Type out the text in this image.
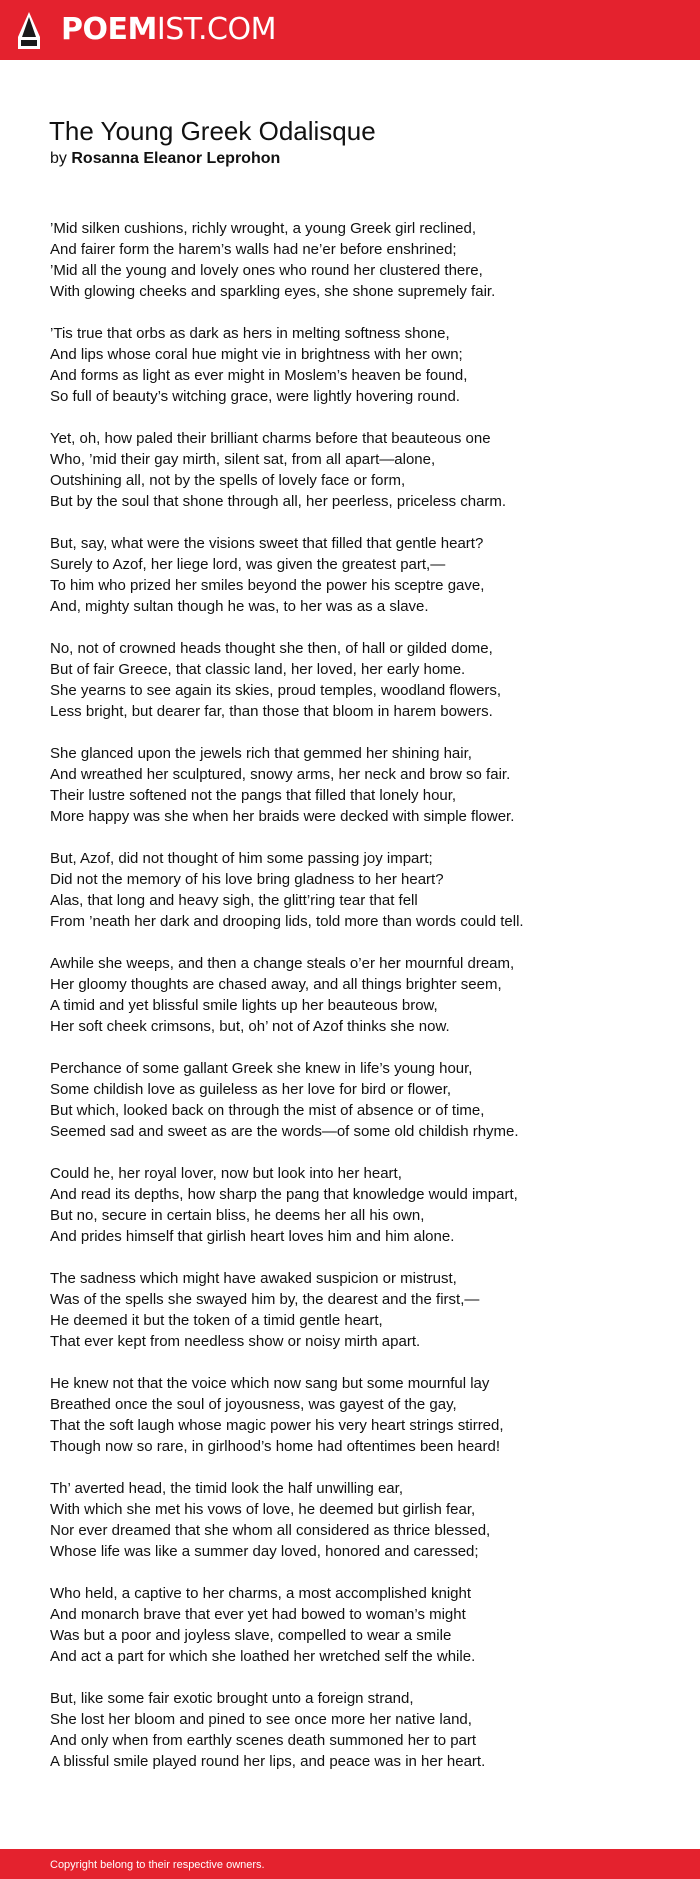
POEMIST.COM
The Young Greek Odalisque
by Rosanna Eleanor Leprohon
’Mid silken cushions, richly wrought, a young Greek girl reclined,
And fairer form the harem’s walls had ne’er before enshrined;
’Mid all the young and lovely ones who round her clustered there,
With glowing cheeks and sparkling eyes, she shone supremely fair.
’Tis true that orbs as dark as hers in melting softness shone,
And lips whose coral hue might vie in brightness with her own;
And forms as light as ever might in Moslem’s heaven be found,
So full of beauty’s witching grace, were lightly hovering round.
Yet, oh, how paled their brilliant charms before that beauteous one
Who, ’mid their gay mirth, silent sat, from all apart—alone,
Outshining all, not by the spells of lovely face or form,
But by the soul that shone through all, her peerless, priceless charm.
But, say, what were the visions sweet that filled that gentle heart?
Surely to Azof, her liege lord, was given the greatest part,—
To him who prized her smiles beyond the power his sceptre gave,
And, mighty sultan though he was, to her was as a slave.
No, not of crowned heads thought she then, of hall or gilded dome,
But of fair Greece, that classic land, her loved, her early home.
She yearns to see again its skies, proud temples, woodland flowers,
Less bright, but dearer far, than those that bloom in harem bowers.
She glanced upon the jewels rich that gemmed her shining hair,
And wreathed her sculptured, snowy arms, her neck and brow so fair.
Their lustre softened not the pangs that filled that lonely hour,
More happy was she when her braids were decked with simple flower.
But, Azof, did not thought of him some passing joy impart;
Did not the memory of his love bring gladness to her heart?
Alas, that long and heavy sigh, the glitt’ring tear that fell
From ’neath her dark and drooping lids, told more than words could tell.
Awhile she weeps, and then a change steals o’er her mournful dream,
Her gloomy thoughts are chased away, and all things brighter seem,
A timid and yet blissful smile lights up her beauteous brow,
Her soft cheek crimsons, but, oh’ not of Azof thinks she now.
Perchance of some gallant Greek she knew in life’s young hour,
Some childish love as guileless as her love for bird or flower,
But which, looked back on through the mist of absence or of time,
Seemed sad and sweet as are the words—of some old childish rhyme.
Could he, her royal lover, now but look into her heart,
And read its depths, how sharp the pang that knowledge would impart,
But no, secure in certain bliss, he deems her all his own,
And prides himself that girlish heart loves him and him alone.
The sadness which might have awaked suspicion or mistrust,
Was of the spells she swayed him by, the dearest and the first,—
He deemed it but the token of a timid gentle heart,
That ever kept from needless show or noisy mirth apart.
He knew not that the voice which now sang but some mournful lay
Breathed once the soul of joyousness, was gayest of the gay,
That the soft laugh whose magic power his very heart strings stirred,
Though now so rare, in girlhood’s home had oftentimes been heard!
Th’ averted head, the timid look the half unwilling ear,
With which she met his vows of love, he deemed but girlish fear,
Nor ever dreamed that she whom all considered as thrice blessed,
Whose life was like a summer day loved, honored and caressed;
Who held, a captive to her charms, a most accomplished knight
And monarch brave that ever yet had bowed to woman’s might
Was but a poor and joyless slave, compelled to wear a smile
And act a part for which she loathed her wretched self the while.
But, like some fair exotic brought unto a foreign strand,
She lost her bloom and pined to see once more her native land,
And only when from earthly scenes death summoned her to part
A blissful smile played round her lips, and peace was in her heart.
Copyright belong to their respective owners.
